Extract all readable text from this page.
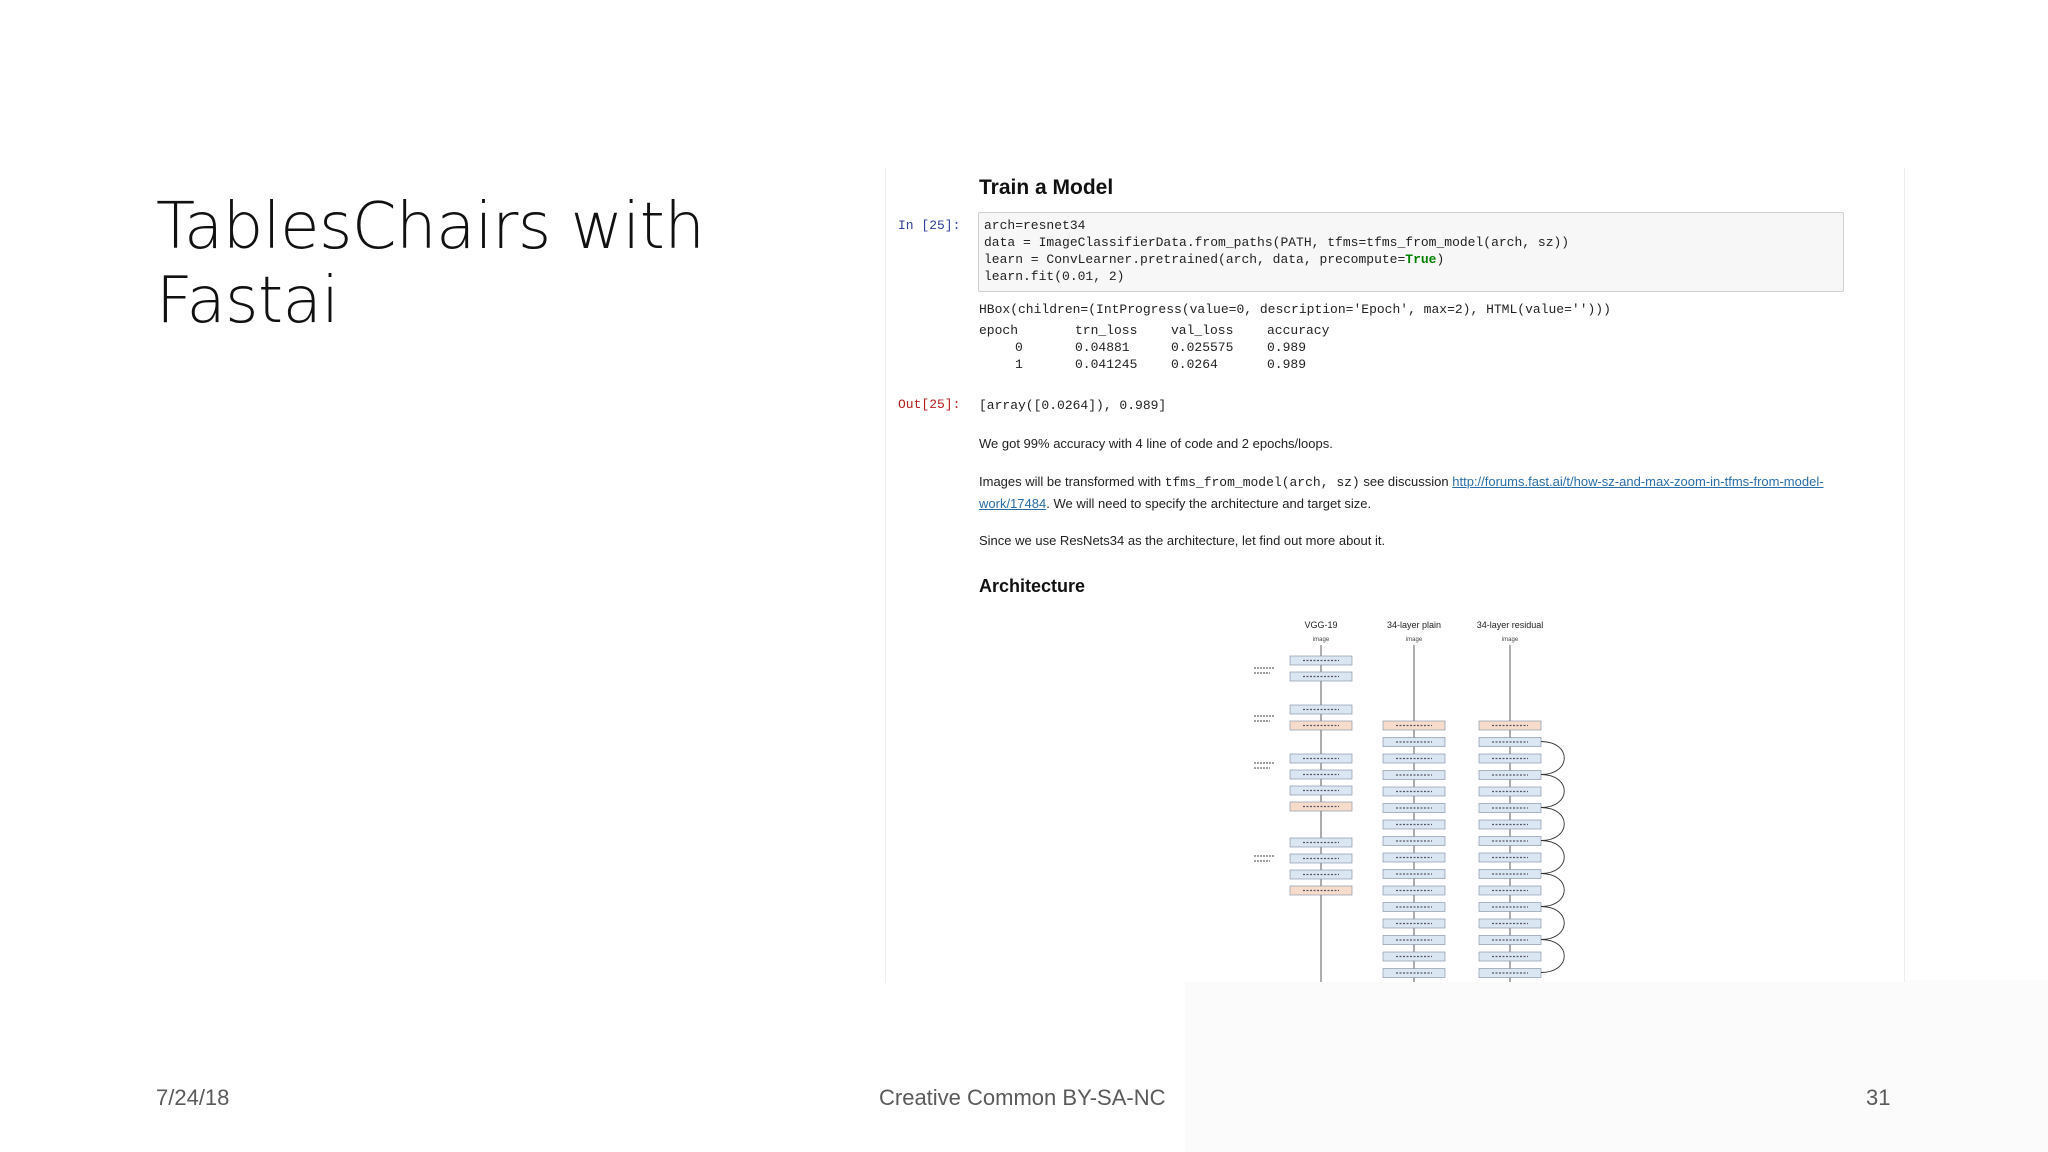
TablesChairs with Fastai
Train a Model
In [25]: arch=resnet34
data = ImageClassifierData.from_paths(PATH, tfms=tfms_from_model(arch, sz))
learn = ConvLearner.pretrained(arch, data, precompute=True)
learn.fit(0.01, 2)
HBox(children=(IntProgress(value=0, description='Epoch', max=2), HTML(value='')))
epoch	trn_loss	val_loss	accuracy
0	0.04881	0.025575	0.989
1	0.041245	0.0264	0.989
Out[25]: [array([0.0264]), 0.989]
We got 99% accuracy with 4 line of code and 2 epochs/loops.
Images will be transformed with tfms_from_model(arch, sz) see discussion http://forums.fast.ai/t/how-sz-and-max-zoom-in-tfms-from-model-work/17484. We will need to specify the architecture and target size.
Since we use ResNets34 as the architecture, let find out more about it.
Architecture
VGG-19	34-layer plain	34-layer residual
image	image	image
7/24/18	Creative Common BY-SA-NC	31
